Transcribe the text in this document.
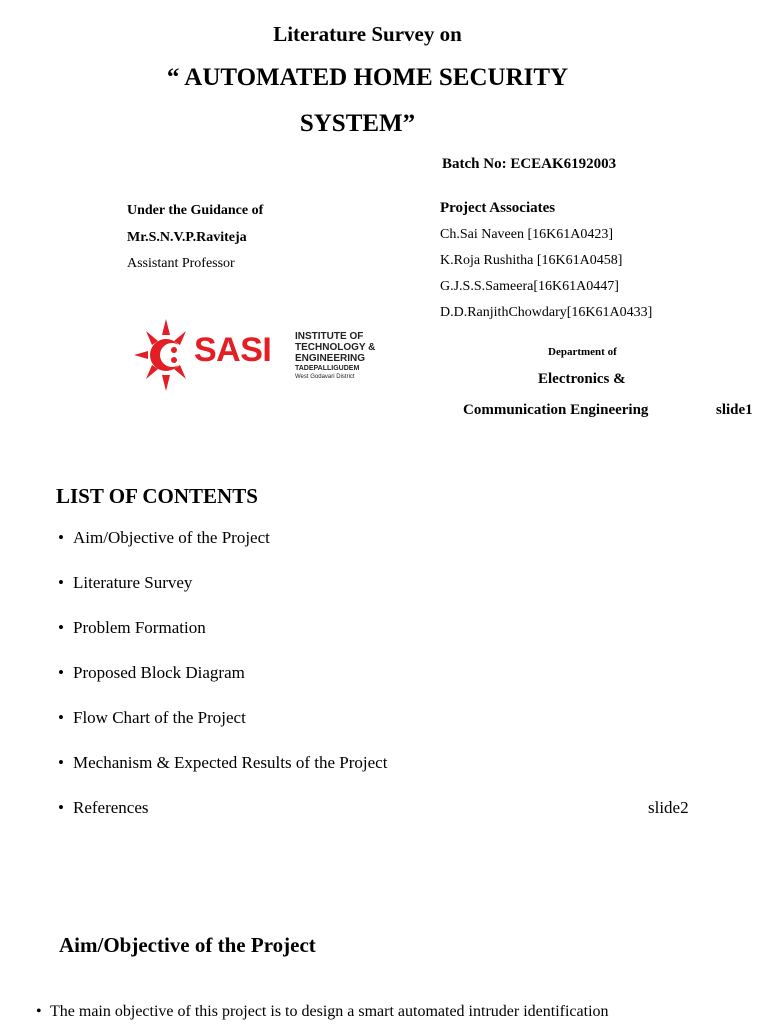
Literature Survey on
“ AUTOMATED HOME SECURITY
SYSTEM”
Batch No: ECEAK6192003
Under the Guidance of
Mr.S.N.V.P.Raviteja
Assistant Professor
Project Associates
Ch.Sai Naveen [16K61A0423]
K.Roja Rushitha [16K61A0458]
G.J.S.S.Sameera[16K61A0447]
D.D.RanjithChowdary[16K61A0433]
SASI INSTITUTE OF
TECHNOLOGY &
ENGINEERING
TADEPALLIGUDEM
West Godavari District
Department of
Electronics &
Communication Engineering	slide1
LIST OF CONTENTS
• Aim/Objective of the Project
• Literature Survey
• Problem Formation
• Proposed Block Diagram
• Flow Chart of the Project
• Mechanism & Expected Results of the Project
• References	slide2
Aim/Objective of the Project
• The main objective of this project is to design a smart automated intruder identification
